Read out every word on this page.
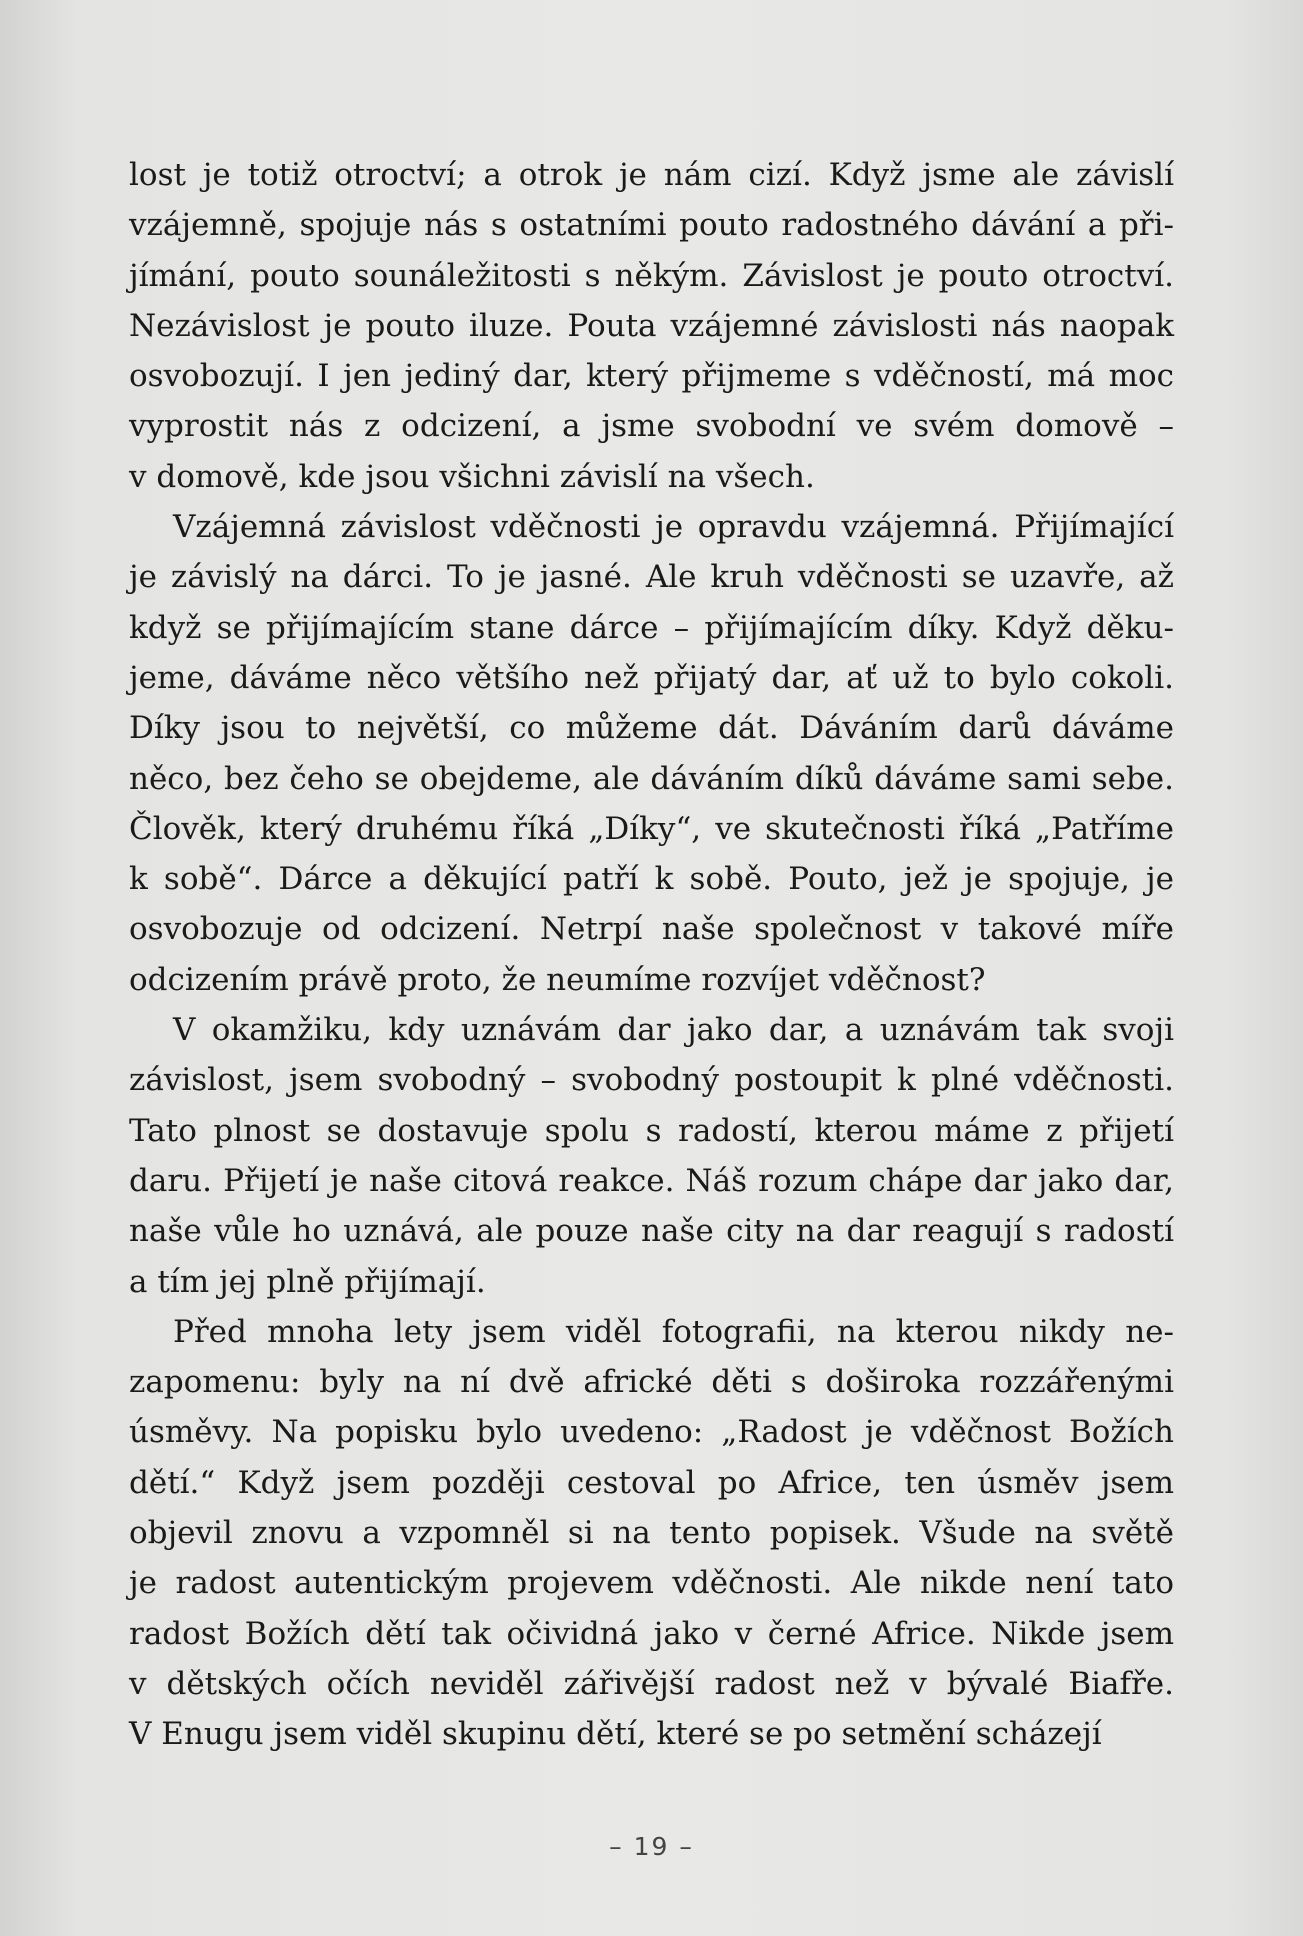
lost je totiž otroctví; a otrok je nám cizí. Když jsme ale závislí
vzájemně, spojuje nás s ostatními pouto radostného dávání a při-
jímání, pouto sounáležitosti s někým. Závislost je pouto otroctví.
Nezávislost je pouto iluze. Pouta vzájemné závislosti nás naopak
osvobozují. I jen jediný dar, který přijmeme s vděčností, má moc
vyprostit nás z odcizení, a jsme svobodní ve svém domově –
v domově, kde jsou všichni závislí na všech.

Vzájemná závislost vděčnosti je opravdu vzájemná. Přijímající
je závislý na dárci. To je jasné. Ale kruh vděčnosti se uzavře, až
když se přijímajícím stane dárce – přijímajícím díky. Když děku-
jeme, dáváme něco většího než přijatý dar, ať už to bylo cokoli.
Díky jsou to největší, co můžeme dát. Dáváním darů dáváme
něco, bez čeho se obejdeme, ale dáváním díků dáváme sami sebe.
Člověk, který druhému říká „Díky“, ve skutečnosti říká „Patříme
k sobě“. Dárce a děkující patří k sobě. Pouto, jež je spojuje, je
osvobozuje od odcizení. Netrpí naše společnost v takové míře
odcizením právě proto, že neumíme rozvíjet vděčnost?

V okamžiku, kdy uznávám dar jako dar, a uznávám tak svoji
závislost, jsem svobodný – svobodný postoupit k plné vděčnosti.
Tato plnost se dostavuje spolu s radostí, kterou máme z přijetí
daru. Přijetí je naše citová reakce. Náš rozum chápe dar jako dar,
naše vůle ho uznává, ale pouze naše city na dar reagují s radostí
a tím jej plně přijímají.

Před mnoha lety jsem viděl fotografii, na kterou nikdy ne-
zapomenu: byly na ní dvě africké děti s doširoka rozzářenými
úsměvy. Na popisku bylo uvedeno: „Radost je vděčnost Božích
dětí.“ Když jsem později cestoval po Africe, ten úsměv jsem
objevil znovu a vzpomněl si na tento popisek. Všude na světě
je radost autentickým projevem vděčnosti. Ale nikde není tato
radost Božích dětí tak očividná jako v černé Africe. Nikde jsem
v dětských očích neviděl zářivější radost než v bývalé Biafře.
V Enugu jsem viděl skupinu dětí, které se po setmění scházejí

– 19 –
